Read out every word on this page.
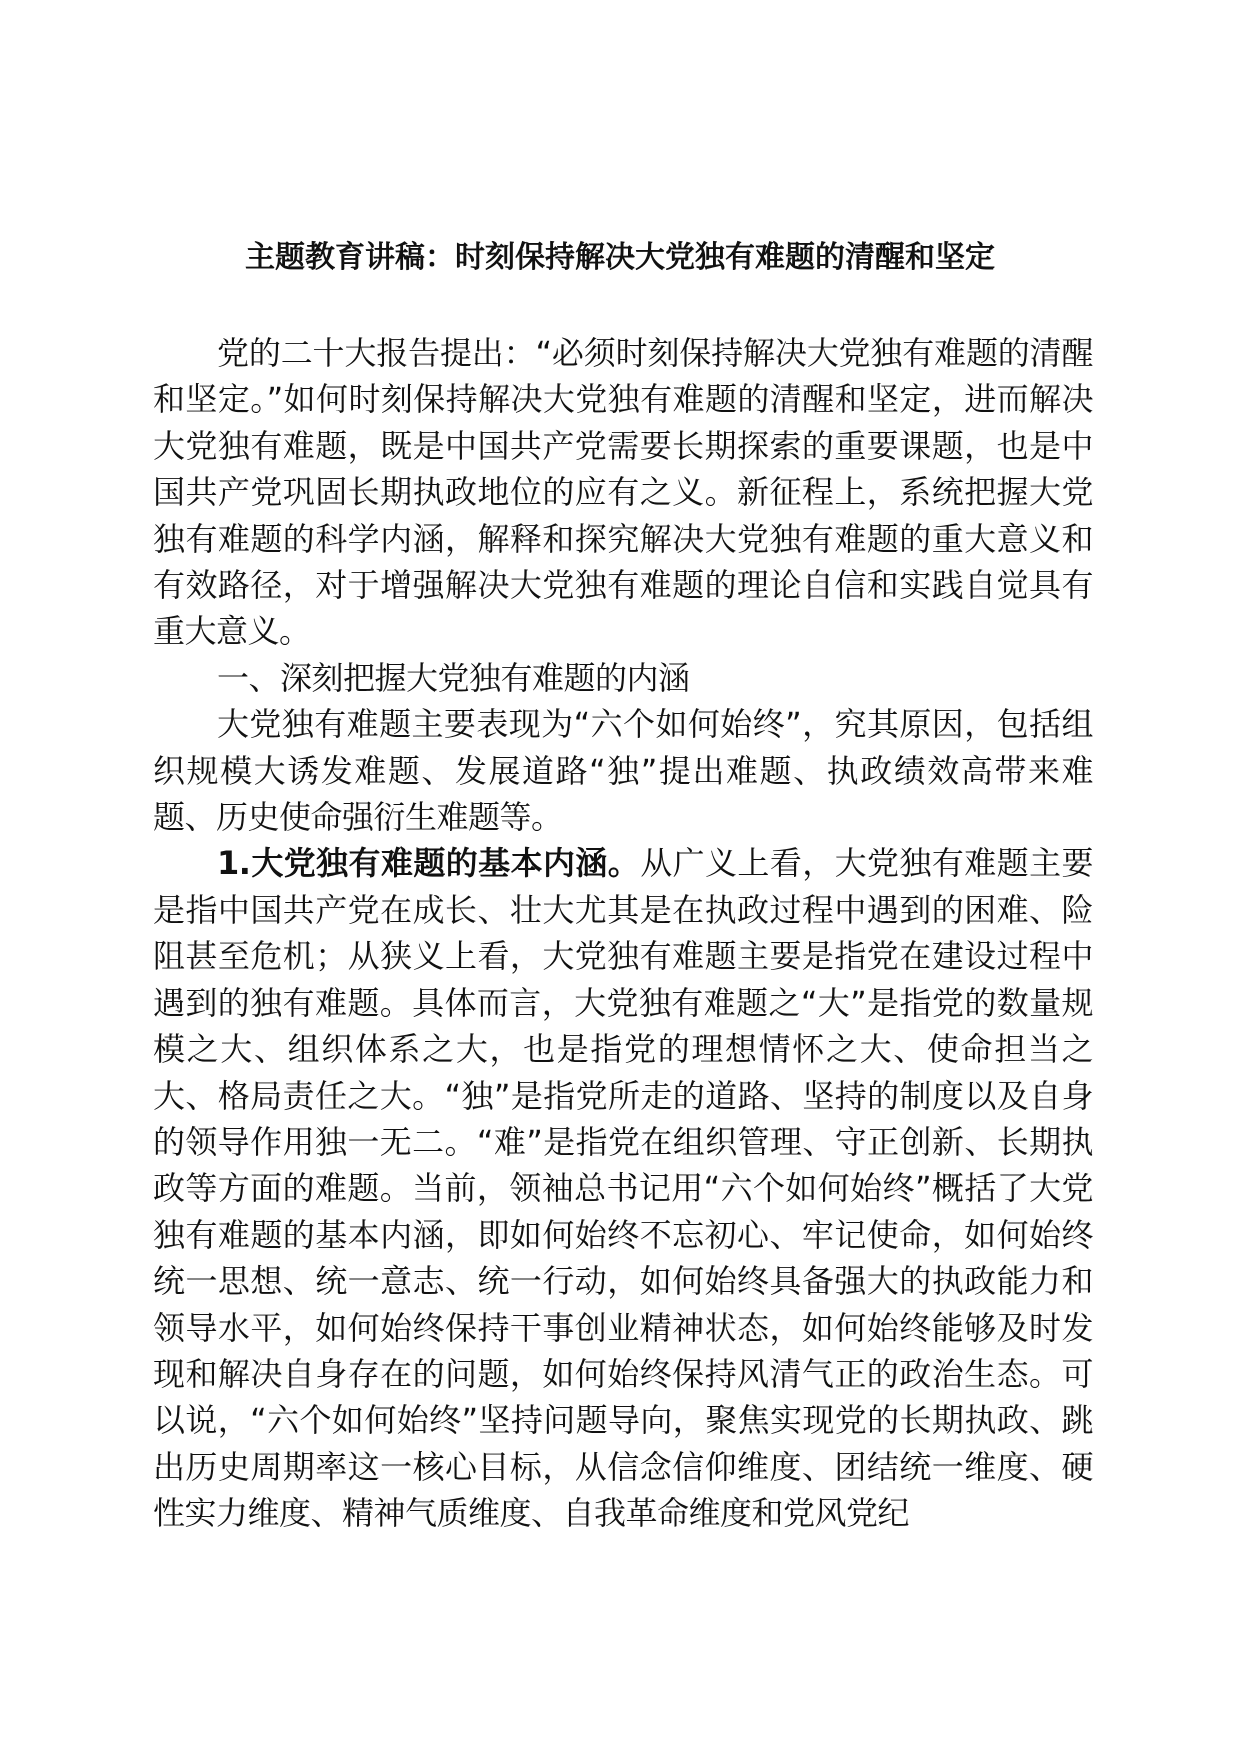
主题教育讲稿：时刻保持解决大党独有难题的清醒和坚定

党的二十大报告提出：“必须时刻保持解决大党独有难题的清醒和坚定。”如何时刻保持解决大党独有难题的清醒和坚定，进而解决大党独有难题，既是中国共产党需要长期探索的重要课题，也是中国共产党巩固长期执政地位的应有之义。新征程上，系统把握大党独有难题的科学内涵，解释和探究解决大党独有难题的重大意义和有效路径，对于增强解决大党独有难题的理论自信和实践自觉具有重大意义。

一、深刻把握大党独有难题的内涵

大党独有难题主要表现为“六个如何始终”，究其原因，包括组织规模大诱发难题、发展道路“独”提出难题、执政绩效高带来难题、历史使命强衍生难题等。

1.大党独有难题的基本内涵。从广义上看，大党独有难题主要是指中国共产党在成长、壮大尤其是在执政过程中遇到的困难、险阻甚至危机；从狭义上看，大党独有难题主要是指党在建设过程中遇到的独有难题。具体而言，大党独有难题之“大”是指党的数量规模之大、组织体系之大，也是指党的理想情怀之大、使命担当之大、格局责任之大。“独”是指党所走的道路、坚持的制度以及自身的领导作用独一无二。“难”是指党在组织管理、守正创新、长期执政等方面的难题。当前，领袖总书记用“六个如何始终”概括了大党独有难题的基本内涵，即如何始终不忘初心、牢记使命，如何始终统一思想、统一意志、统一行动，如何始终具备强大的执政能力和领导水平，如何始终保持干事创业精神状态，如何始终能够及时发现和解决自身存在的问题，如何始终保持风清气正的政治生态。可以说，“六个如何始终”坚持问题导向，聚焦实现党的长期执政、跳出历史周期率这一核心目标，从信念信仰维度、团结统一维度、硬性实力维度、精神气质维度、自我革命维度和党风党纪
